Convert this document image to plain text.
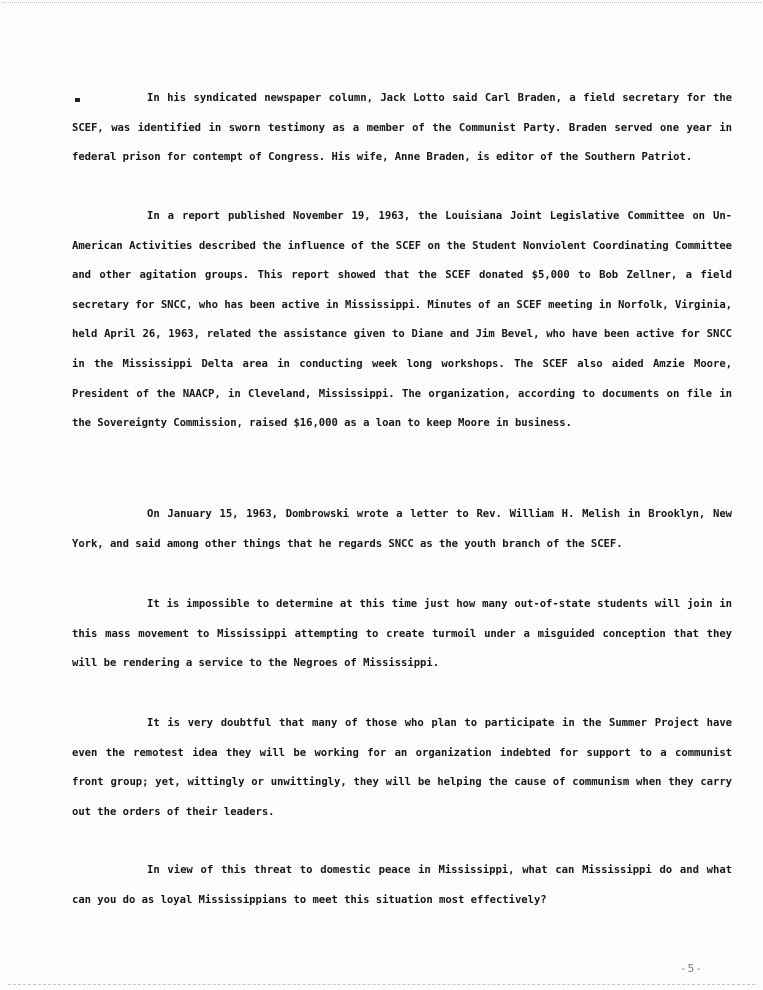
In his syndicated newspaper column, Jack Lotto said Carl Braden, a field secretary for the SCEF, was identified in sworn testimony as a member of the Communist Party. Braden served one year in federal prison for contempt of Congress. His wife, Anne Braden, is editor of the Southern Patriot.

In a report published November 19, 1963, the Louisiana Joint Legislative Committee on Un-American Activities described the influence of the SCEF on the Student Nonviolent Coordinating Committee and other agitation groups. This report showed that the SCEF donated $5,000 to Bob Zellner, a field secretary for SNCC, who has been active in Mississippi. Minutes of an SCEF meeting in Norfolk, Virginia, held April 26, 1963, related the assistance given to Diane and Jim Bevel, who have been active for SNCC in the Mississippi Delta area in conducting week long workshops. The SCEF also aided Amzie Moore, President of the NAACP, in Cleveland, Mississippi. The organization, according to documents on file in the Sovereignty Commission, raised $16,000 as a loan to keep Moore in business.

On January 15, 1963, Dombrowski wrote a letter to Rev. William H. Melish in Brooklyn, New York, and said among other things that he regards SNCC as the youth branch of the SCEF.

It is impossible to determine at this time just how many out-of-state students will join in this mass movement to Mississippi attempting to create turmoil under a misguided conception that they will be rendering a service to the Negroes of Mississippi.

It is very doubtful that many of those who plan to participate in the Summer Project have even the remotest idea they will be working for an organization indebted for support to a communist front group; yet, wittingly or unwittingly, they will be helping the cause of communism when they carry out the orders of their leaders.

In view of this threat to domestic peace in Mississippi, what can Mississippi do and what can you do as loyal Mississippians to meet this situation most effectively?

-5-
